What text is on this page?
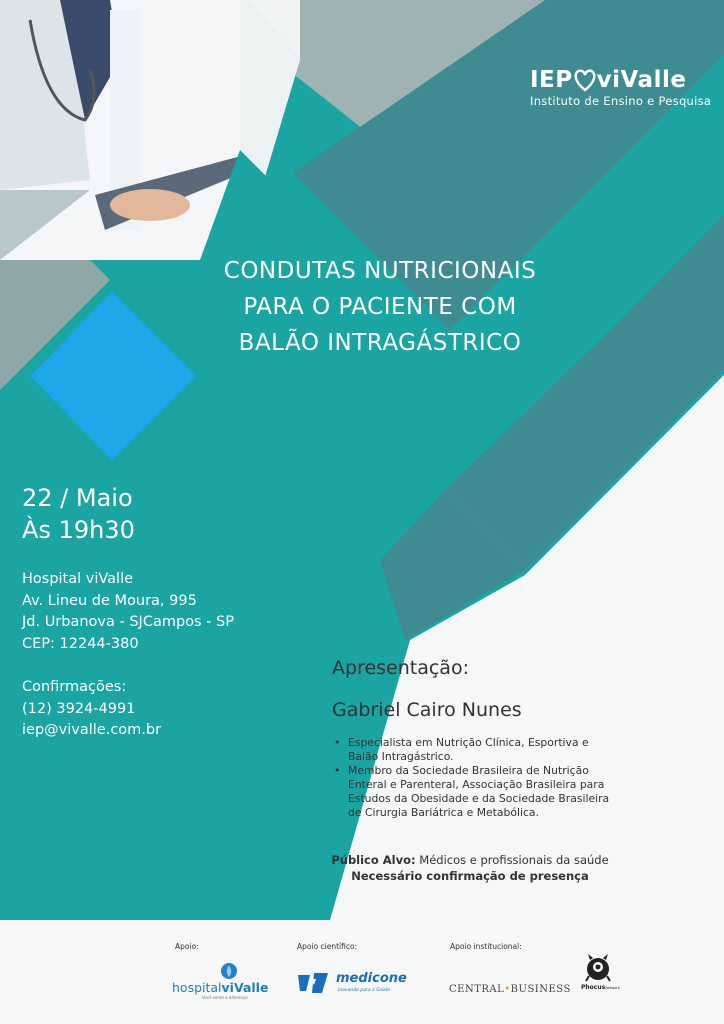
IEP viValle
Instituto de Ensino e Pesquisa
CONDUTAS NUTRICIONAIS
PARA O PACIENTE COM
BALÃO INTRAGÁSTRICO
22 / Maio
Às 19h30
Hospital viValle
Av. Lineu de Moura, 995
Jd. Urbanova - SJCampos - SP
CEP: 12244-380
Confirmações:
(12) 3924-4991
iep@vivalle.com.br
Apresentação:
Gabriel Cairo Nunes
• Especialista em Nutrição Clínica, Esportiva e
Balão Intragástrico.
• Membro da Sociedade Brasileira de Nutrição
Enteral e Parenteral, Associação Brasileira para
Estudos da Obesidade e da Sociedade Brasileira
de Cirurgia Bariátrica e Metabólica.
Público Alvo: Médicos e profissionais da saúde
Necessário confirmação de presença
Apoio:	Apoio científico:	Apoio institucional:
hospitalviValle
Você sente a diferença
medicone
Inovando para a Saúde	CENTRAL•BUSINESS PhocusNetwork
